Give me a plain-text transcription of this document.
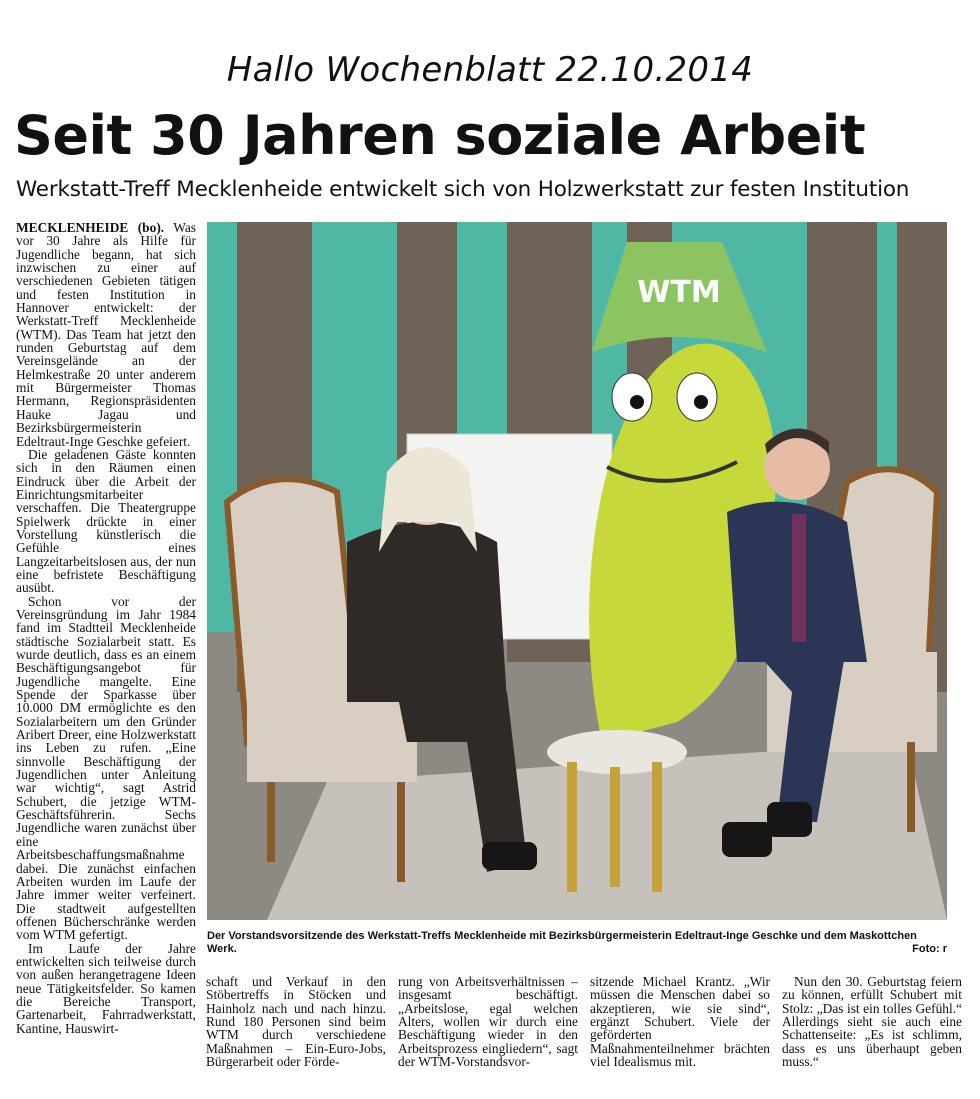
Hallo Wochenblatt 22.10.2014
Seit 30 Jahren soziale Arbeit
Werkstatt-Treff Mecklenheide entwickelt sich von Holzwerkstatt zur festen Institution

MECKLENHEIDE (bo). Was vor 30 Jahre als Hilfe für Jugendliche begann, hat sich inzwischen zu einer auf verschiedenen Gebieten tätigen und festen Institution in Hannover entwickelt: der Werkstatt-Treff Mecklenheide (WTM). Das Team hat jetzt den runden Geburtstag auf dem Vereinsgelände an der Helmkestraße 20 unter anderem mit Bürgermeister Thomas Hermann, Regionspräsidenten Hauke Jagau und Bezirksbürgermeisterin Edeltraut-Inge Geschke gefeiert.

Die geladenen Gäste konnten sich in den Räumen einen Eindruck über die Arbeit der Einrichtungsmitarbeiter verschaffen. Die Theatergruppe Spielwerk drückte in einer Vorstellung künstlerisch die Gefühle eines Langzeitarbeitslosen aus, der nun eine befristete Beschäftigung ausübt.

Schon vor der Vereinsgründung im Jahr 1984 fand im Stadtteil Mecklenheide städtische Sozialarbeit statt. Es wurde deutlich, dass es an einem Beschäftigungsangebot für Jugendliche mangelte. Eine Spende der Sparkasse über 10.000 DM ermöglichte es den Sozialarbeitern um den Gründer Aribert Dreer, eine Holzwerkstatt ins Leben zu rufen. „Eine sinnvolle Beschäftigung der Jugendlichen unter Anleitung war wichtig“, sagt Astrid Schubert, die jetzige WTM-Geschäftsführerin. Sechs Jugendliche waren zunächst über eine Arbeitsbeschaffungsmaßnahme dabei. Die zunächst einfachen Arbeiten wurden im Laufe der Jahre immer weiter verfeinert. Die stadtweit aufgestellten offenen Bücherschränke werden vom WTM gefertigt.

Im Laufe der Jahre entwickelten sich teilweise durch von außen herangetragene Ideen neue Tätigkeitsfelder. So kamen die Bereiche Transport, Gartenarbeit, Fahrradwerkstatt, Kantine, Hauswirt-

WTM
Der Vorstandsvorsitzende des Werkstatt-Treffs Mecklenheide mit Bezirksbürgermeisterin Edeltraut-Inge Geschke und dem Maskottchen Werk.	Foto: r

schaft und Verkauf in den Stöbertreffs in Stöcken und Hainholz nach und nach hinzu. Rund 180 Personen sind beim WTM durch verschiedene Maßnahmen – Ein-Euro-Jobs, Bürgerarbeit oder Förde-

rung von Arbeitsverhältnissen – insgesamt beschäftigt. „Arbeitslose, egal welchen Alters, wollen wir durch eine Beschäftigung wieder in den Arbeitsprozess eingliedern“, sagt der WTM-Vorstandsvor-

sitzende Michael Krantz. „Wir müssen die Menschen dabei so akzeptieren, wie sie sind“, ergänzt Schubert. Viele der geförderten Maßnahmenteilnehmer brächten viel Idealismus mit.

Nun den 30. Geburtstag feiern zu können, erfüllt Schubert mit Stolz: „Das ist ein tolles Gefühl.“ Allerdings sieht sie auch eine Schattenseite: „Es ist schlimm, dass es uns überhaupt geben muss.“
